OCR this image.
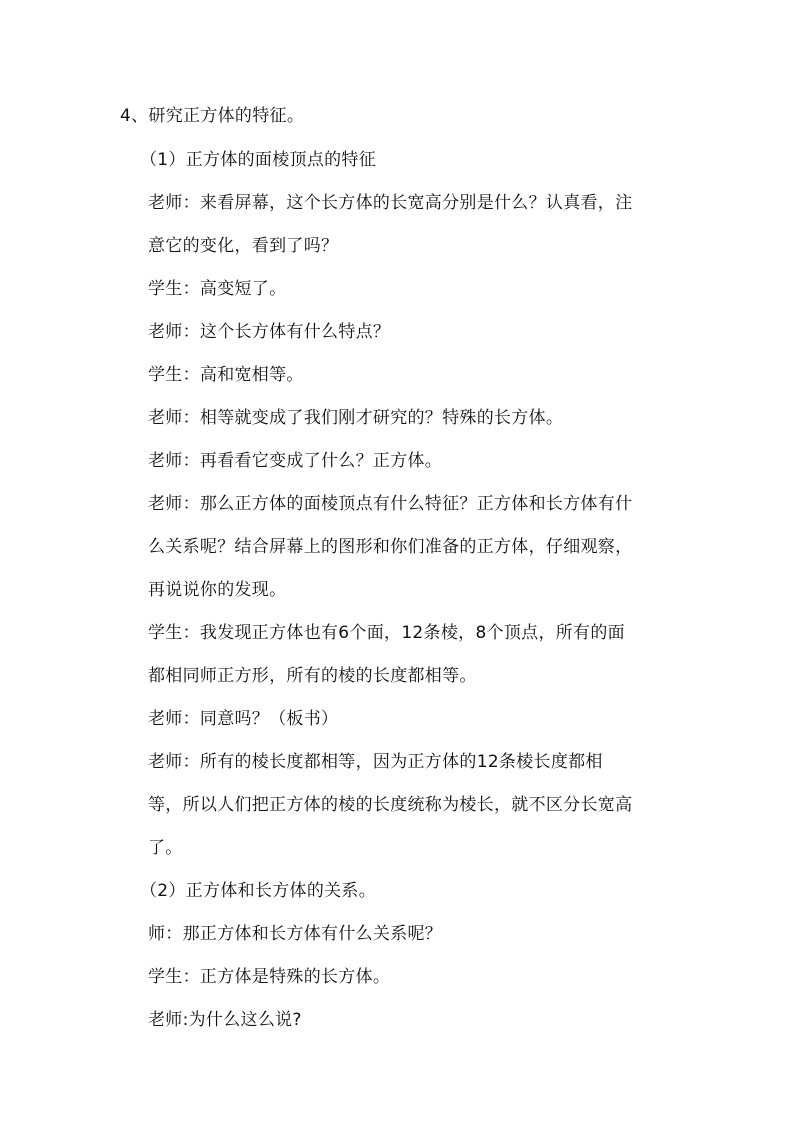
4、研究正方体的特征。
（1）正方体的面棱顶点的特征
老师：来看屏幕，这个长方体的长宽高分别是什么？认真看，注
意它的变化，看到了吗？
学生：高变短了。
老师：这个长方体有什么特点？
学生：高和宽相等。
老师：相等就变成了我们刚才研究的？特殊的长方体。
老师：再看看它变成了什么？正方体。
老师：那么正方体的面棱顶点有什么特征？正方体和长方体有什
么关系呢？结合屏幕上的图形和你们准备的正方体，仔细观察，
再说说你的发现。
学生：我发现正方体也有6个面，12条棱，8个顶点，所有的面
都相同师正方形，所有的棱的长度都相等。
老师：同意吗？（板书）
老师：所有的棱长度都相等，因为正方体的12条棱长度都相
等，所以人们把正方体的棱的长度统称为棱长，就不区分长宽高
了。
（2）正方体和长方体的关系。
师：那正方体和长方体有什么关系呢？
学生：正方体是特殊的长方体。
老师:为什么这么说?
